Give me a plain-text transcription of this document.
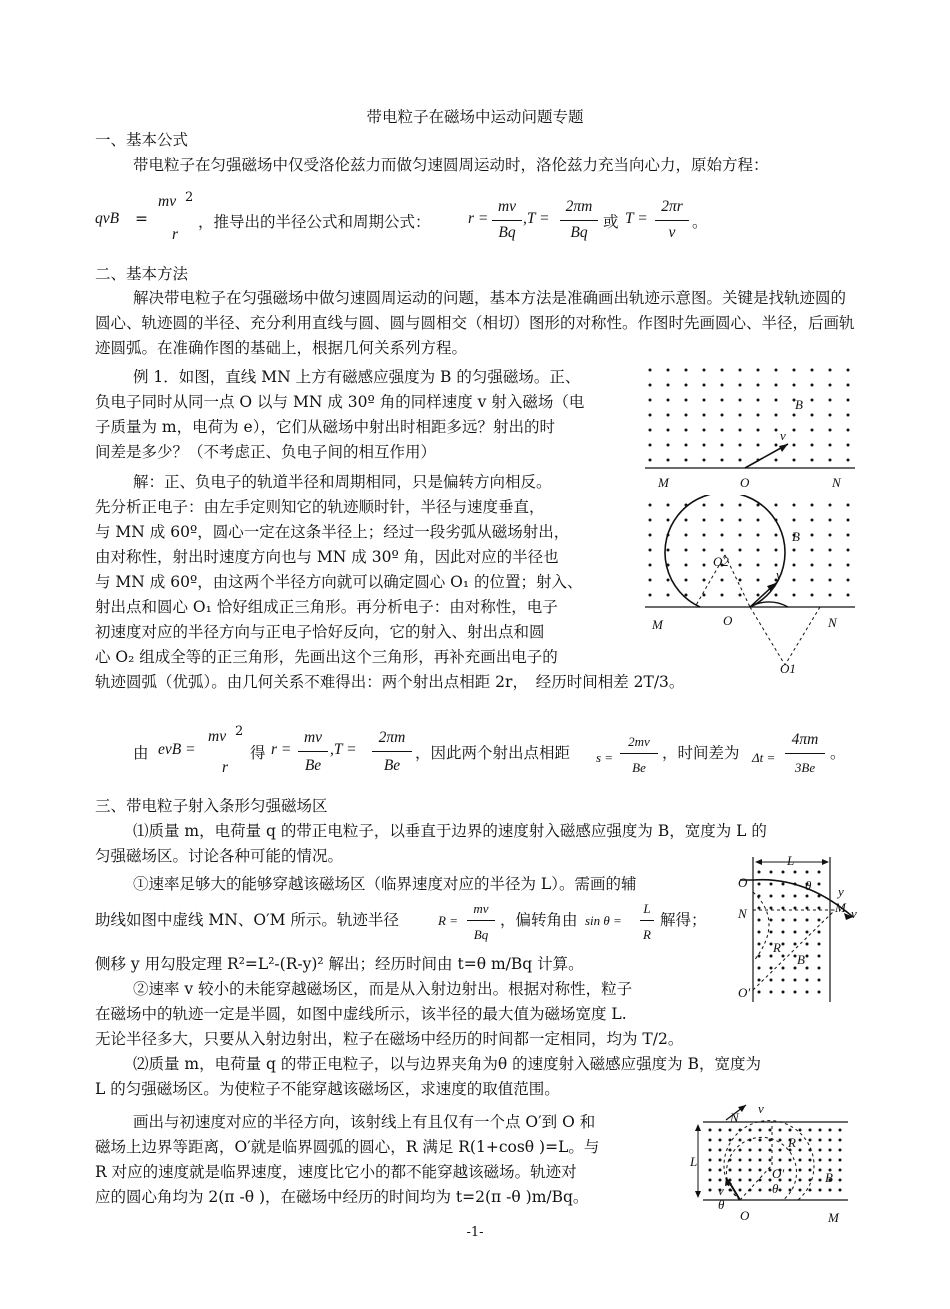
带电粒子在磁场中运动问题专题
一、基本公式
带电粒子在匀强磁场中仅受洛伦兹力而做匀速圆周运动时，洛伦兹力充当向心力，原始方程：
qvB =
mv 2
r
，推导出的半径公式和周期公式： r =
mv
Bq
,T =
2πm
Bq
或 T =
2πr
v
。
二、基本方法
解决带电粒子在匀强磁场中做匀速圆周运动的问题，基本方法是准确画出轨迹示意图。关键是找轨迹圆的圆心、轨迹圆的半径、充分利用直线与圆、圆与圆相交（相切）图形的对称性。作图时先画圆心、半径，后画轨迹圆弧。在准确作图的基础上，根据几何关系列方程。
例 1．如图，直线 MN 上方有磁感应强度为 B 的匀强磁场。正、
负电子同时从同一点 O 以与 MN 成 30º 角的同样速度 v 射入磁场（电
子质量为 m，电荷为 e），它们从磁场中射出时相距多远？射出的时
间差是多少？（不考虑正、负电子间的相互作用）
解：正、负电子的轨道半径和周期相同，只是偏转方向相反。
先分析正电子：由左手定则知它的轨迹顺时针，半径与速度垂直，
与 MN 成 60º，圆心一定在这条半径上；经过一段劣弧从磁场射出，
由对称性，射出时速度方向也与 MN 成 30º 角，因此对应的半径也
与 MN 成 60º，由这两个半径方向就可以确定圆心 O₁ 的位置；射入、
射出点和圆心 O₁ 恰好组成正三角形。再分析电子：由对称性，电子
初速度对应的半径方向与正电子恰好反向，它的射入、射出点和圆
心 O₂ 组成全等的正三角形，先画出这个三角形，再补充画出电子的
轨迹圆弧（优弧）。由几何关系不难得出：两个射出点相距 2r，　经历时间相差 2T/3。
由 evB =
mv 2
r
得 r =
mv
Be
,T =
2πm
Be
，因此两个射出点相距 s =
2mv
Be
，时间差为 Δt =
4πm
3Be
。
三、带电粒子射入条形匀强磁场区
⑴质量 m，电荷量 q 的带正电粒子，以垂直于边界的速度射入磁感应强度为 B，宽度为 L 的
匀强磁场区。讨论各种可能的情况。
①速率足够大的能够穿越该磁场区（临界速度对应的半径为 L）。需画的辅
助线如图中虚线 MN、O′M 所示。轨迹半径	R =
mv
Bq
，偏转角由 sin θ =
L
R
解得；
侧移 y 用勾股定理 R²=L²-(R-y)² 解出；经历时间由 t=θ m/Bq 计算。
②速率 v 较小的未能穿越磁场区，而是从入射边射出。根据对称性，粒子
在磁场中的轨迹一定是半圆，如图中虚线所示，该半径的最大值为磁场宽度 L.
无论半径多大，只要从入射边射出，粒子在磁场中经历的时间都一定相同，均为 T/2。
⑵质量 m，电荷量 q 的带正电粒子，以与边界夹角为θ 的速度射入磁感应强度为 B，宽度为
L 的匀强磁场区。为使粒子不能穿越该磁场区，求速度的取值范围。
画出与初速度对应的半径方向，该射线上有且仅有一个点 O′到 O 和
磁场上边界等距离，O′就是临界圆弧的圆心，R 满足 R(1+cosθ )=L。与
R 对应的速度就是临界速度，速度比它小的都不能穿越该磁场。轨迹对
应的圆心角均为 2(π -θ )，在磁场中经历的时间均为 t=2(π -θ )m/Bq。
B
v
M	O	N
B
O2
v
M	O	N
O1
L
O	θ y
M v
N
R
B
O′
N
v
R
L
O′
θ
B
v
θ
O	M
-1-
